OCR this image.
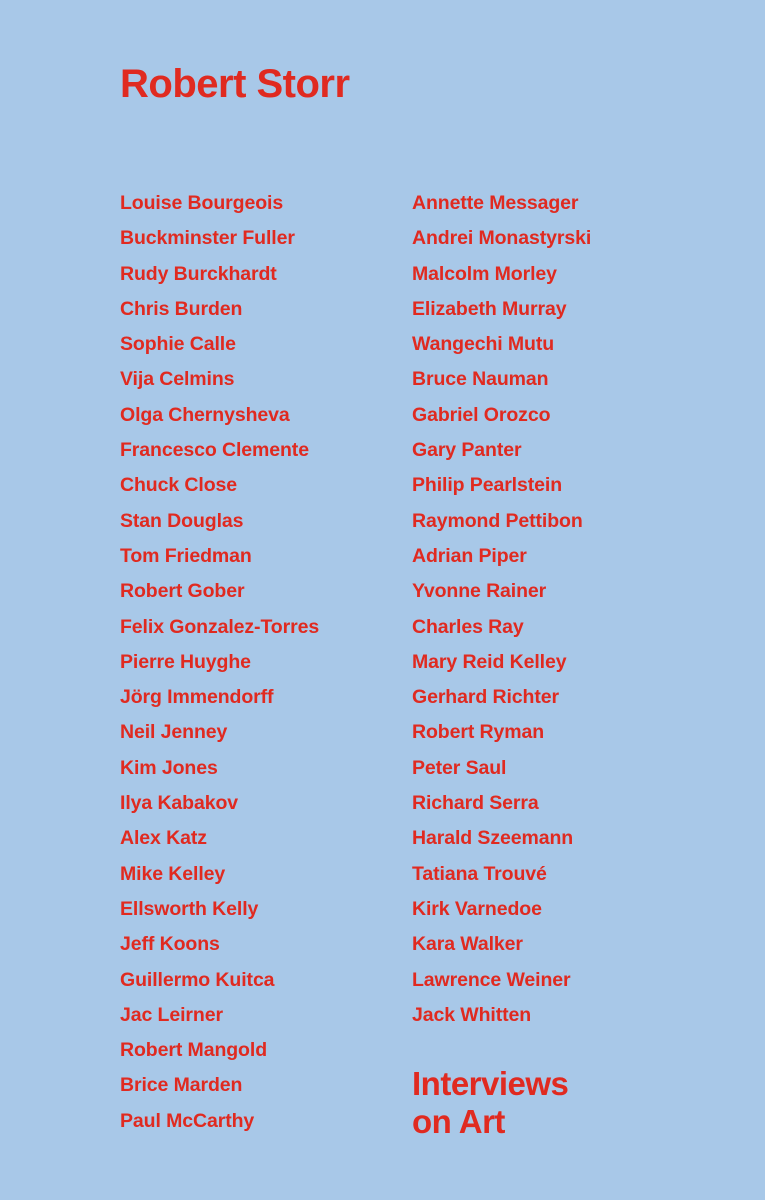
Robert Storr
Louise Bourgeois
Buckminster Fuller
Rudy Burckhardt
Chris Burden
Sophie Calle
Vija Celmins
Olga Chernysheva
Francesco Clemente
Chuck Close
Stan Douglas
Tom Friedman
Robert Gober
Felix Gonzalez-Torres
Pierre Huyghe
Jörg Immendorff
Neil Jenney
Kim Jones
Ilya Kabakov
Alex Katz
Mike Kelley
Ellsworth Kelly
Jeff Koons
Guillermo Kuitca
Jac Leirner
Robert Mangold
Brice Marden
Paul McCarthy
Annette Messager
Andrei Monastyrski
Malcolm Morley
Elizabeth Murray
Wangechi Mutu
Bruce Nauman
Gabriel Orozco
Gary Panter
Philip Pearlstein
Raymond Pettibon
Adrian Piper
Yvonne Rainer
Charles Ray
Mary Reid Kelley
Gerhard Richter
Robert Ryman
Peter Saul
Richard Serra
Harald Szeemann
Tatiana Trouvé
Kirk Varnedoe
Kara Walker
Lawrence Weiner
Jack Whitten
Interviews
on Art
